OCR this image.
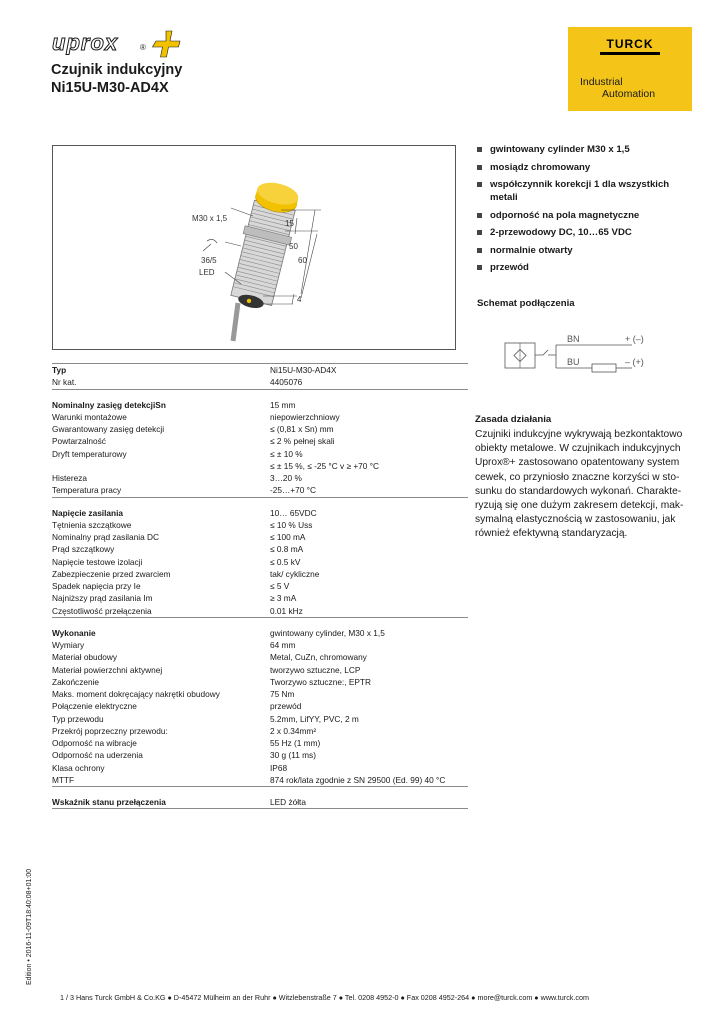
uprox	®
Czujnik indukcyjny
Ni15U-M30-AD4X
TURCK
Industrial
Automation
M30 x 1,5
36/5
LED
15
50
60
4
gwintowany cylinder M30 x 1,5
mosiądz chromowany
współczynnik korekcji 1 dla wszystkich metali
odporność na pola magnetyczne
2-przewodowy DC, 10…65 VDC
normalnie otwarty
przewód
Schemat podłączenia
BN
BU
+ (–)
– (+)
Zasada działania
Czujniki indukcyjne wykrywają bezkontaktowo
obiekty metalowe. W czujnikach indukcyjnych
Uprox®+ zastosowano opatentowany system
cewek, co przyniosło znaczne korzyści w sto-
sunku do standardowych wykonań. Charakte-
ryzują się one dużym zakresem detekcji, mak-
symalną elastycznością w zastosowaniu, jak
również efektywną standaryzacją.
Typ	Ni15U-M30-AD4X
Nr kat.	4405076
Nominalny zasięg detekcjiSn	15 mm
Warunki montażowe	niepowierzchniowy
Gwarantowany zasięg detekcji	≤ (0,81 x Sn) mm
Powtarzalność	≤ 2 % pełnej skali
Dryft temperaturowy	≤ ± 10 %
≤ ± 15 %, ≤ -25 °C v ≥ +70 °C
Histereza	3…20 %
Temperatura pracy	-25…+70 °C
Napięcie zasilania	10… 65VDC
Tętnienia szczątkowe	≤ 10 % Uss
Nominalny prąd zasilania DC	≤ 100 mA
Prąd szczątkowy	≤ 0.8 mA
Napięcie testowe izolacji	≤ 0.5 kV
Zabezpieczenie przed zwarciem	tak/ cykliczne
Spadek napięcia przy Ie	≤ 5 V
Najniższy prąd zasilania Im	≥ 3 mA
Częstotliwość przełączenia	0.01 kHz
Wykonanie	gwintowany cylinder, M30 x 1,5
Wymiary	64 mm
Materiał obudowy	Metal, CuZn, chromowany
Materiał powierzchni aktywnej	tworzywo sztuczne, LCP
Zakończenie	Tworzywo sztuczne:, EPTR
Maks. moment dokręcający nakrętki obudowy	75 Nm
Połączenie elektryczne	przewód
Typ przewodu	5.2mm, LifYY, PVC, 2 m
Przekrój poprzeczny przewodu:	2 x 0.34mm²
Odporność na wibracje	55 Hz (1 mm)
Odporność na uderzenia	30 g (11 ms)
Klasa ochrony	IP68
MTTF	874 rok/lata zgodnie z SN 29500 (Ed. 99) 40 °C
Wskaźnik stanu przełączenia	LED żółta
Edition • 2016-11-09T18:40:08+01:00
1 / 3 Hans Turck GmbH & Co.KG ● D-45472 Mülheim an der Ruhr ● Witzlebenstraße 7 ● Tel. 0208 4952-0 ● Fax 0208 4952-264 ● more@turck.com ● www.turck.com
